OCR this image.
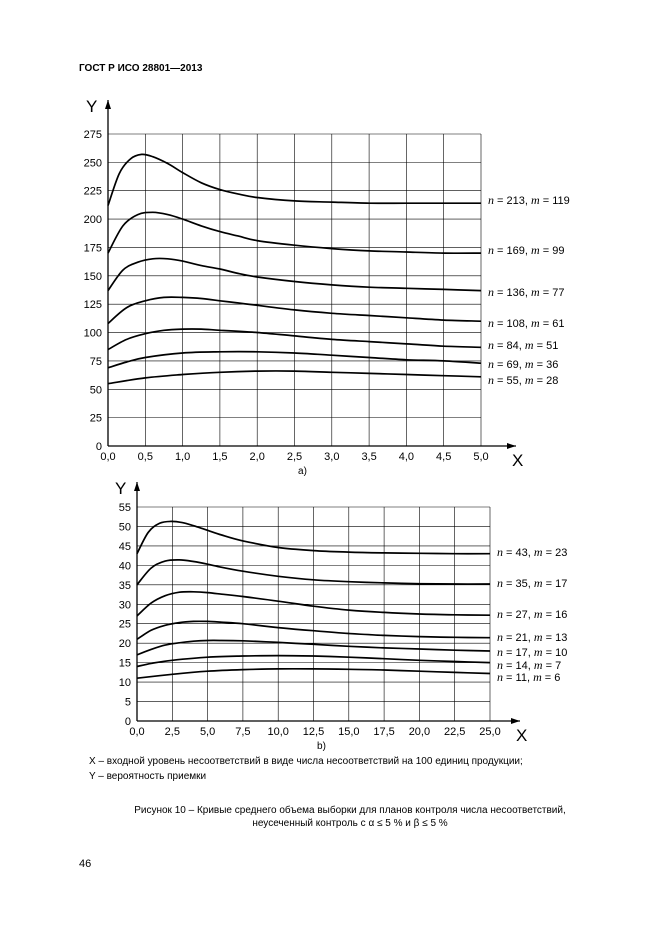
ГОСТ Р ИСО 28801—2013
0,0 0,5 1,0 1,5 2,0 2,5 3,0 3,5 4,0 4,5 5,0
0
25
50
75
100
125
150
175
200
225
250
275
X
Y
a)
n = 213, m = 119
n = 169, m = 99
n = 136, m = 77
n = 108, m = 61
n = 84, m = 51
n = 69, m = 36
n = 55, m = 28
0,0 2,5 5,0 7,5 10,0 12,5 15,0 17,5 20,0 22,5 25,0
0
5
10
15
20
25
30
35
40
45
50
55
X
Y
b)
n = 43, m = 23
n = 35, m = 17
n = 27, m = 16
n = 21, m = 13
n = 17, m = 10
n = 14, m = 7
n = 11, m = 6
X – входной уровень несоответствий в виде числа несоответствий на 100 единиц продукции;
Y – вероятность приемки
Рисунок 10 – Кривые среднего объема выборки для планов контроля числа несоответствий,
неусеченный контроль с α ≤ 5 % и β ≤ 5 %
46
